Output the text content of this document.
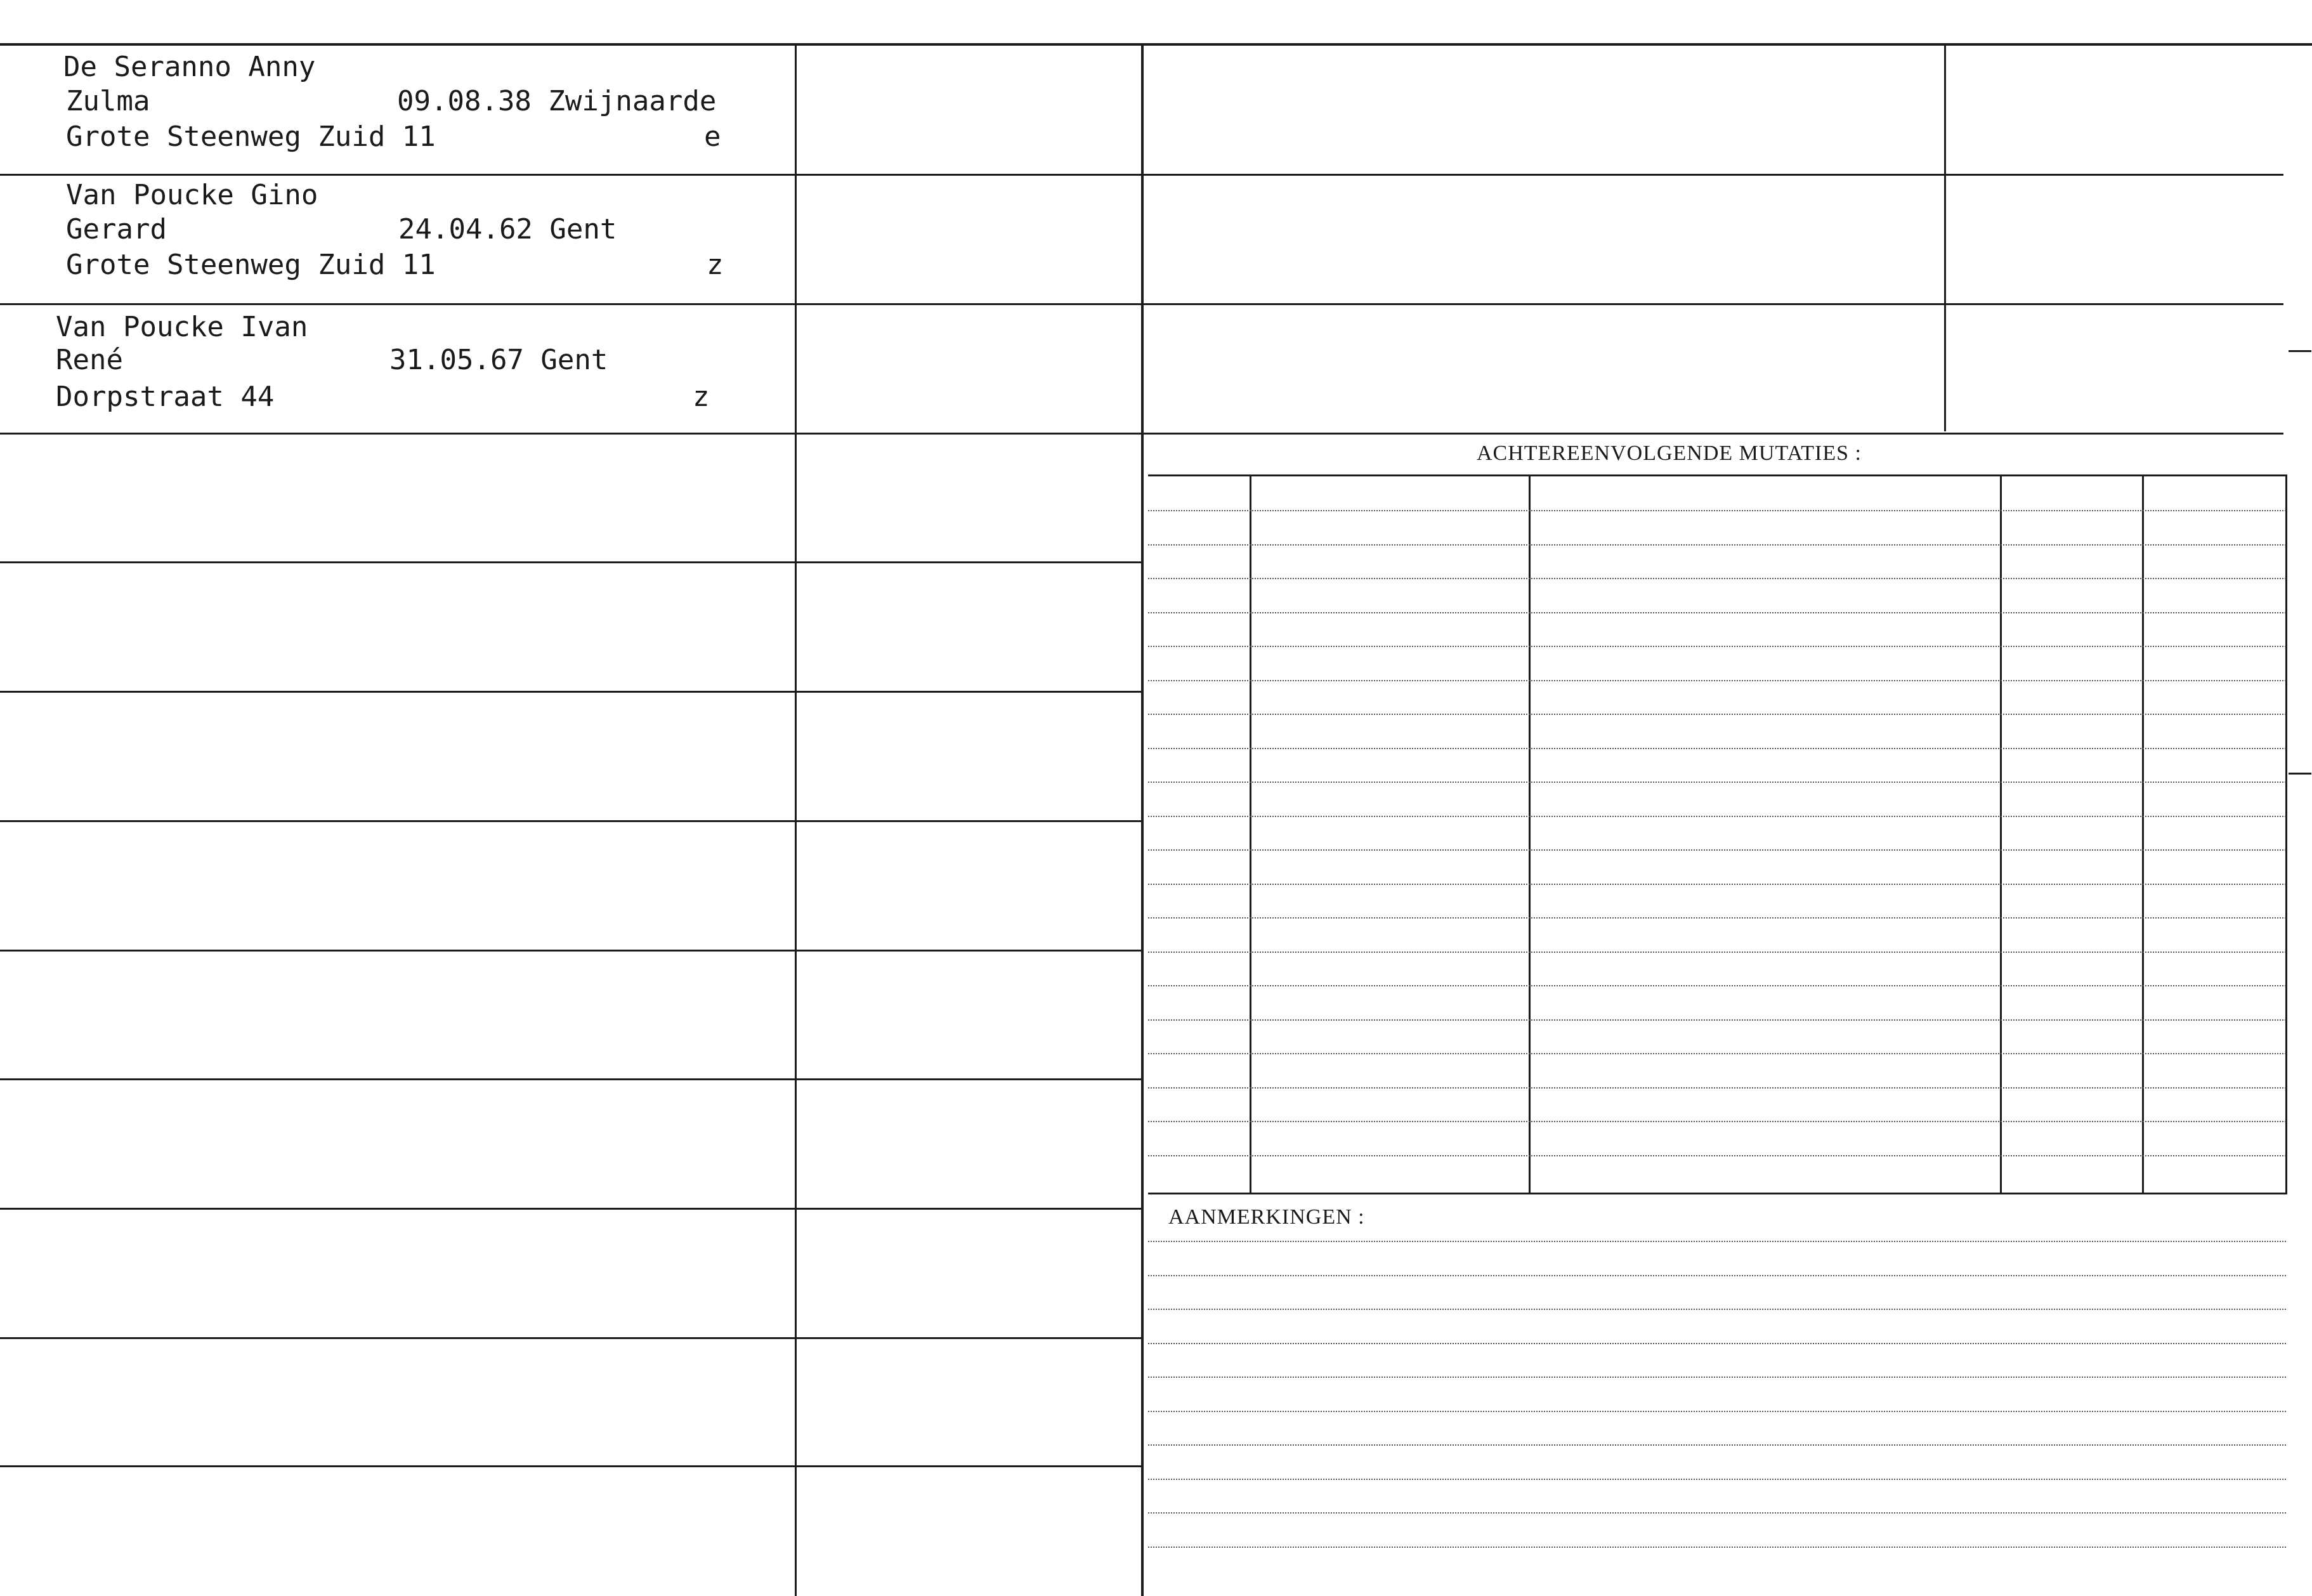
De Seranno Anny
Zulma	09.08.38 Zwijnaarde
Grote Steenweg Zuid 11	e
Van Poucke Gino
Gerard	24.04.62 Gent
Grote Steenweg Zuid 11	z
Van Poucke Ivan
René	31.05.67 Gent
Dorpstraat 44	z
ACHTEREENVOLGENDE MUTATIES :
AANMERKINGEN :
